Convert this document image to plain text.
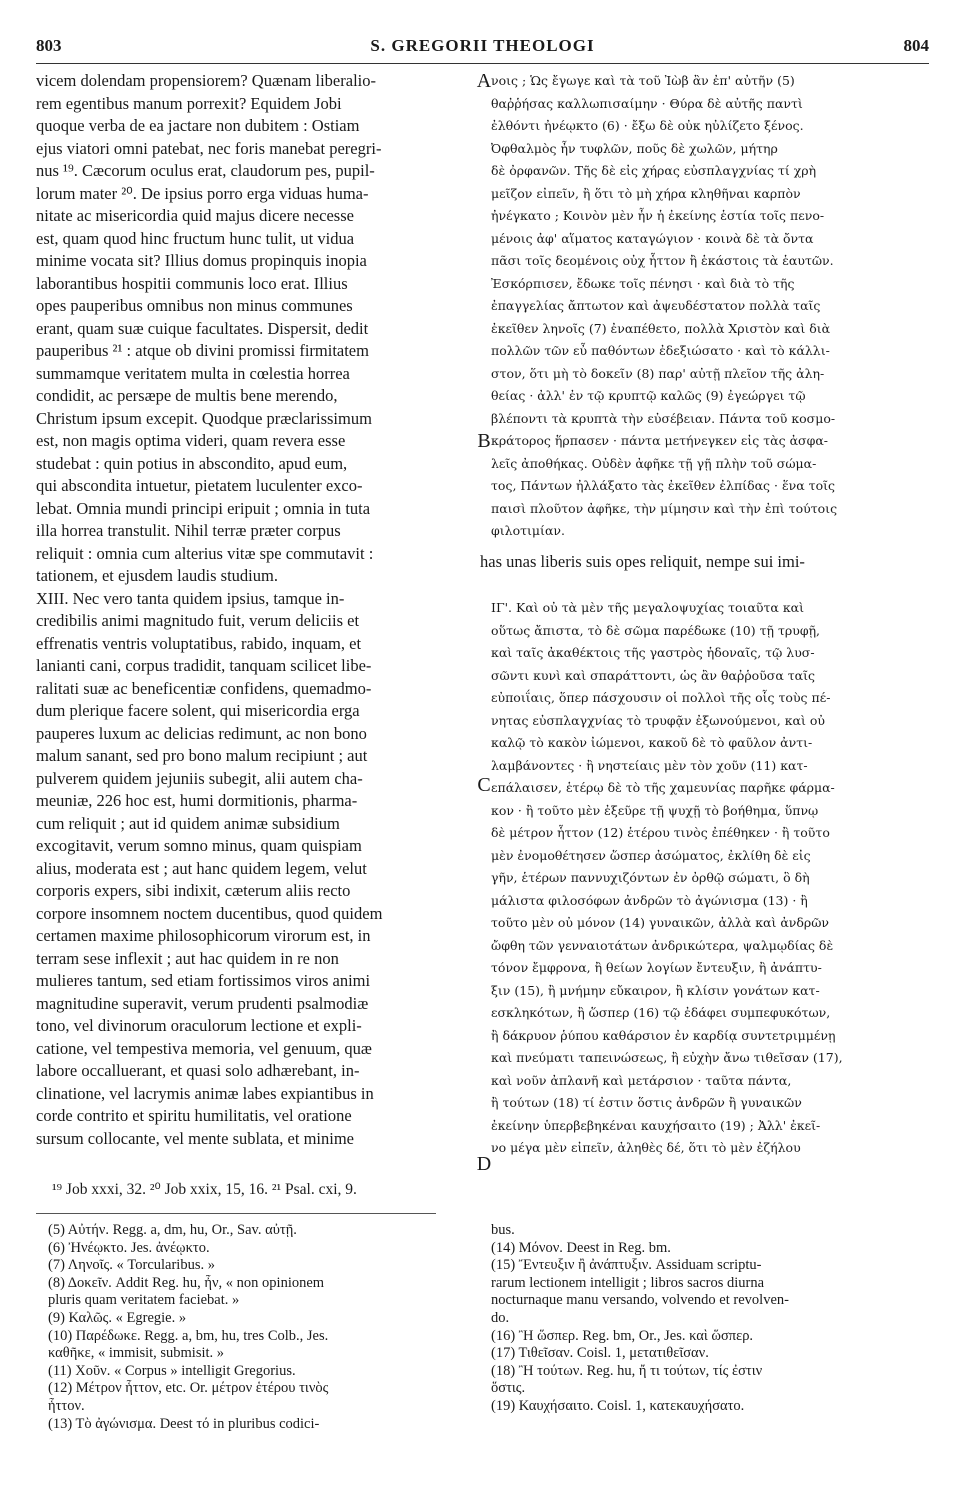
803	S. GREGORII THEOLOGI	804
vicem dolendam propensiorem? Quænam liberalio-
rem egentibus manum porrexit? Equidem Jobi
quoque verba de ea jactare non dubitem : Ostiam
ejus viatori omni patebat, nec foris manebat peregri-
nus ¹⁹. Cæcorum oculus erat, claudorum pes, pupil-
lorum mater ²⁰. De ipsius porro erga viduas huma-
nitate ac misericordia quid majus dicere necesse
est, quam quod hinc fructum hunc tulit, ut vidua
minime vocata sit? Illius domus propinquis inopia
laborantibus hospitii communis loco erat. Illius
opes pauperibus omnibus non minus communes
erant, quam suæ cuique facultates. Dispersit, dedit
pauperibus ²¹ : atque ob divini promissi firmitatem
summamque veritatem multa in cœlestia horrea
condidit, ac persæpe de multis bene merendo,
Christum ipsum excepit. Quodque præclarissimum
est, non magis optima videri, quam revera esse
studebat : quin potius in abscondito, apud eum,
qui abscondita intuetur, pietatem luculenter exco-
lebat. Omnia mundi principi eripuit ; omnia in tuta
illa horrea transtulit. Nihil terræ præter corpus
reliquit : omnia cum alterius vitæ spe commutavit :
tationem, et ejusdem laudis studium.
XIII. Nec vero tanta quidem ipsius, tamque in-
credibilis animi magnitudo fuit, verum deliciis et
effrenatis ventris voluptatibus, rabido, inquam, et
lanianti cani, corpus tradidit, tanquam scilicet libe-
ralitati suæ ac beneficentiæ confidens, quemadmo-
dum plerique facere solent, qui misericordia erga
pauperes luxum ac delicias redimunt, ac non bono
malum sanant, sed pro bono malum recipiunt ; aut
pulverem quidem jejuniis subegit, alii autem cha-
meuniæ, 226 hoc est, humi dormitionis, pharma-
cum reliquit ; aut id quidem animæ subsidium
excogitavit, verum somno minus, quam quispiam
alius, moderata est ; aut hanc quidem legem, velut
corporis expers, sibi indixit, cæterum aliis recto
corpore insomnem noctem ducentibus, quod quidem
certamen maxime philosophicorum virorum est, in
terram sese inflexit ; aut hac quidem in re non
mulieres tantum, sed etiam fortissimos viros animi
magnitudine superavit, verum prudenti psalmodiæ
tono, vel divinorum oraculorum lectione et expli-
catione, vel tempestiva memoria, vel genuum, quæ
labore occalluerant, et quasi solo adhærebant, in-
clinatione, vel lacrymis animæ labes expiantibus in
corde contrito et spiritu humilitatis, vel oratione
sursum collocante, vel mente sublata, et minime
νοις ; Ὡς ἔγωγε καὶ τὰ τοῦ Ἰὼβ ἂν ἐπ' αὐτῆν (5)
θαῤῥήσας καλλωπισαίμην · Θύρα δὲ αὐτῆς παντὶ
ἐλθόντι ἠνέῳκτο (6) · ἔξω δὲ οὐκ ηὐλίζετο ξένος.
Ὀφθαλμὸς ἦν τυφλῶν, ποῦς δὲ χωλῶν, μήτηρ
δὲ ὀρφανῶν. Τῆς δὲ εἰς χήρας εὐσπλαγχνίας τί χρὴ
μεῖζον εἰπεῖν, ἢ ὅτι τὸ μὴ χήρα κληθῆναι καρπὸν
ἠνέγκατο ; Κοινὸν μὲν ἦν ἡ ἐκείνης ἑστία τοῖς πενο-
μένοις ἀφ' αἵματος καταγώγιον · κοινὰ δὲ τὰ ὄντα
πᾶσι τοῖς δεομένοις οὐχ ἧττον ἢ ἑκάστοις τὰ ἑαυτῶν.
Ἐσκόρπισεν, ἔδωκε τοῖς πένησι · καὶ διὰ τὸ τῆς
ἐπαγγελίας ἄπτωτον καὶ ἀψευδέστατον πολλὰ ταῖς
ἐκεῖθεν ληνοῖς (7) ἐναπέθετο, πολλὰ Χριστὸν καὶ διὰ
πολλῶν τῶν εὖ παθόντων ἐδεξιώσατο · καὶ τὸ κάλλι-
στον, ὅτι μὴ τὸ δοκεῖν (8) παρ' αὐτῇ πλεῖον τῆς ἀλη-
θείας · ἀλλ' ἐν τῷ κρυπτῷ καλῶς (9) ἐγεώργει τῷ
βλέποντι τὰ κρυπτὰ τὴν εὐσέβειαν. Πάντα τοῦ κοσμο-
κράτορος ἥρπασεν · πάντα μετήνεγκεν εἰς τὰς ἀσφα-
λεῖς ἀποθήκας. Οὐδὲν ἀφῆκε τῇ γῇ πλὴν τοῦ σώμα-
τος, Πάντων ἠλλάξατο τὰς ἐκεῖθεν ἐλπίδας · ἕνα τοῖς
παισὶ πλοῦτον ἀφῆκε, τὴν μίμησιν καὶ τὴν ἐπὶ τούτοις
φιλοτιμίαν.
has unas liberis suis opes reliquit, nempe sui imi-
ΙΓ'. Καὶ οὐ τὰ μὲν τῆς μεγαλοψυχίας τοιαῦτα καὶ
οὕτως ἄπιστα, τὸ δὲ σῶμα παρέδωκε (10) τῇ τρυφῇ,
καὶ ταῖς ἀκαθέκτοις τῆς γαστρὸς ἡδοναῖς, τῷ λυσ-
σῶντι κυνὶ καὶ σπαράττοντι, ὡς ἂν θαῤῥοῦσα ταῖς
εὐποιΐαις, ὅπερ πάσχουσιν οἱ πολλοὶ τῆς οἷς τοὺς πέ-
νητας εὐσπλαγχνίας τὸ τρυφᾷν ἐξωνούμενοι, καὶ οὐ
καλῷ τὸ κακὸν ἰώμενοι, κακοῦ δὲ τὸ φαῦλον ἀντι-
λαμβάνοντες · ἢ νηστείαις μὲν τὸν χοῦν (11) κατ-
επάλαισεν, ἑτέρῳ δὲ τὸ τῆς χαμευνίας παρῆκε φάρμα-
κον · ἢ τοῦτο μὲν ἐξεῦρε τῇ ψυχῇ τὸ βοήθημα, ὕπνῳ
δὲ μέτρον ἧττον (12) ἑτέρου τινὸς ἐπέθηκεν · ἢ τοῦτο
μὲν ἐνομοθέτησεν ὥσπερ ἀσώματος, ἐκλίθη δὲ εἰς
γῆν, ἑτέρων παννυχιζόντων ἐν ὀρθῷ σώματι, ὃ δὴ
μάλιστα φιλοσόφων ἀνδρῶν τὸ ἀγώνισμα (13) · ἢ
τοῦτο μὲν οὐ μόνον (14) γυναικῶν, ἀλλὰ καὶ ἀνδρῶν
ὤφθη τῶν γενναιοτάτων ἀνδρικώτερα, ψαλμῳδίας δὲ
τόνον ἔμφρονα, ἢ θείων λογίων ἔντευξιν, ἢ ἀνάπτυ-
ξιν (15), ἢ μνήμην εὔκαιρον, ἢ κλίσιν γονάτων κατ-
εσκληκότων, ἢ ὥσπερ (16) τῷ ἐδάφει συμπεφυκότων,
ἢ δάκρυον ῥύπου καθάρσιον ἐν καρδίᾳ συντετριμμένῃ
καὶ πνεύματι ταπεινώσεως, ἢ εὐχὴν ἄνω τιθεῖσαν (17),
καὶ νοῦν ἀπλανῆ καὶ μετάρσιον · ταῦτα πάντα,
ἢ τούτων (18) τί ἐστιν ὅστις ἀνδρῶν ἢ γυναικῶν
ἐκείνην ὑπερβεβηκέναι καυχήσαιτο (19) ; Ἀλλ' ἐκεῖ-
νο μέγα μὲν εἰπεῖν, ἀληθὲς δέ, ὅτι τὸ μὲν ἐζήλου
A
B
C
D
¹⁹ Job xxxi, 32. ²⁰ Job xxix, 15, 16. ²¹ Psal. cxi, 9.
(5) Αὐτήν. Regg. a, dm, hu, Or., Sav. αὐτῇ.
(6) Ἠνέῳκτο. Jes. ἀνέῳκτο.
(7) Ληνοῖς. « Torcularibus. »
(8) Δοκεῖν. Addit Reg. hu, ἦν, « non opinionem
pluris quam veritatem faciebat. »
(9) Καλῶς. « Egregie. »
(10) Παρέδωκε. Regg. a, bm, hu, tres Colb., Jes.
καθῆκε, « immisit, submisit. »
(11) Χοῦν. « Corpus » intelligit Gregorius.
(12) Μέτρον ἧττον, etc. Or. μέτρον ἑτέρου τινὸς
ἧττον.
(13) Τὸ ἀγώνισμα. Deest τό in pluribus codici-
bus.
(14) Μόνον. Deest in Reg. bm.
(15) Ἔντευξιν ἢ ἀνάπτυξιν. Assiduam scriptu-
rarum lectionem intelligit ; libros sacros diurna
nocturnaque manu versando, volvendo et revolven-
do.
(16) Ἢ ὥσπερ. Reg. bm, Or., Jes. καὶ ὥσπερ.
(17) Τιθεῖσαν. Coisl. 1, μετατιθεῖσαν.
(18) Ἢ τούτων. Reg. hu, ἤ τι τούτων, τίς ἐστιν
ὅστις.
(19) Καυχήσαιτο. Coisl. 1, κατεκαυχήσατο.
